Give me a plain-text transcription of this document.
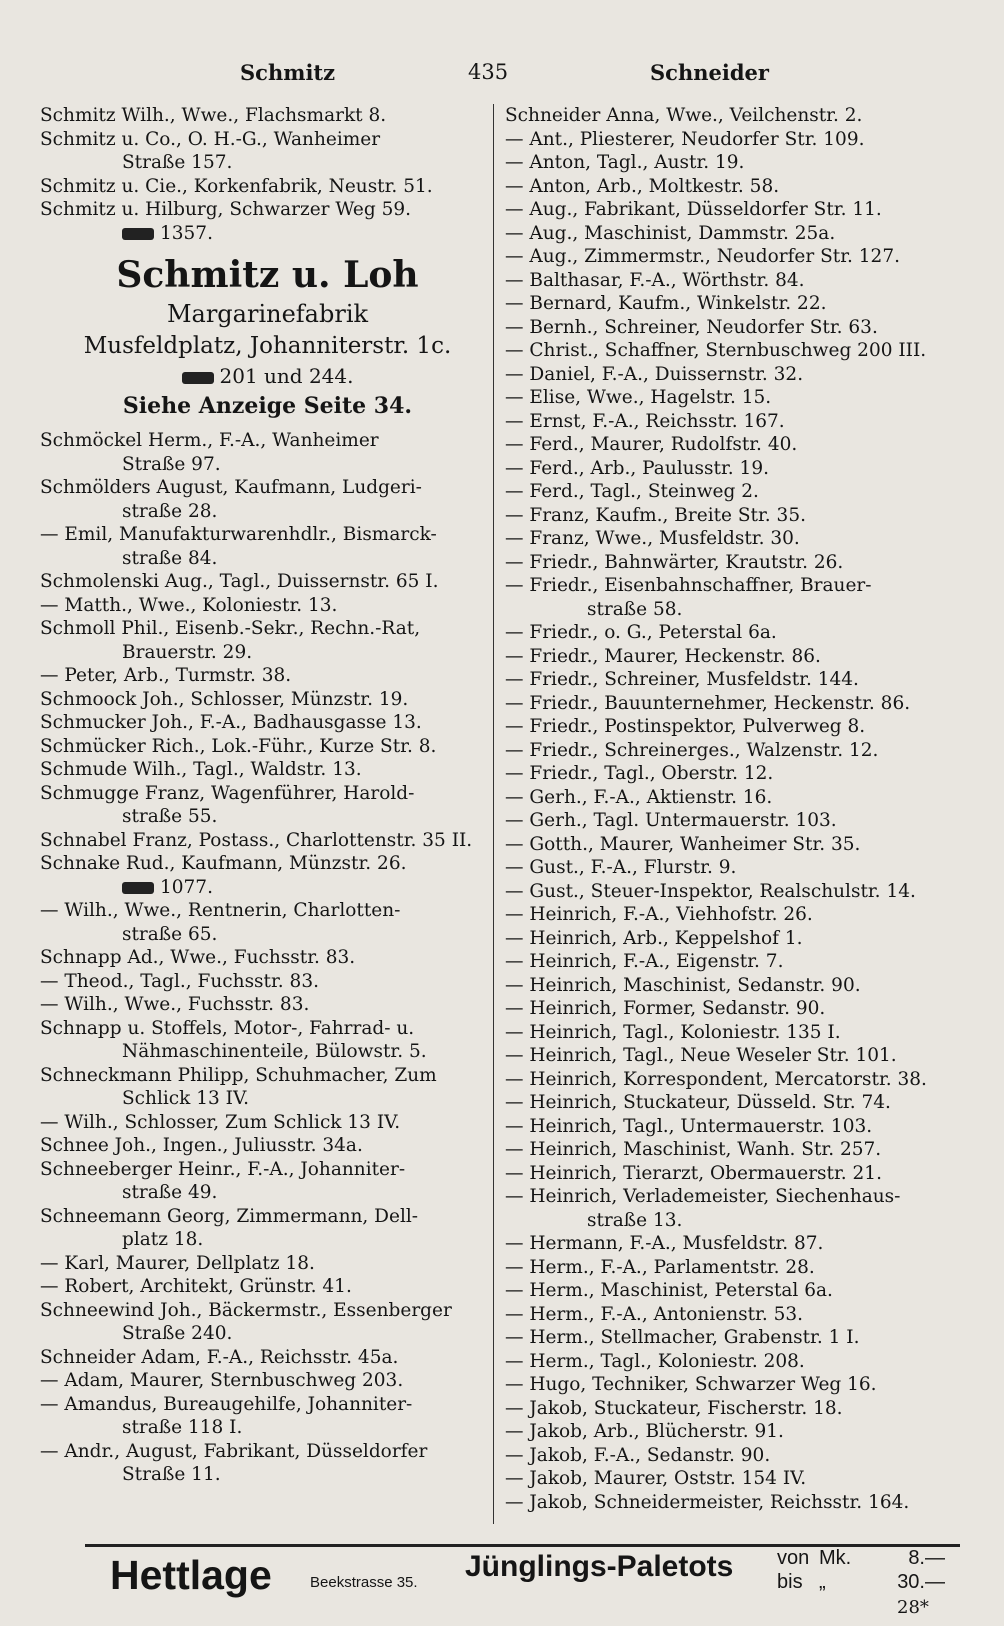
Schmitz	435	Schneider
Schmitz Wilh., Wwe., Flachsmarkt 8.
Schmitz u. Co., O. H.-G., Wanheimer
Straße 157.
Schmitz u. Cie., Korkenfabrik, Neustr. 51.
Schmitz u. Hilburg, Schwarzer Weg 59.
1357.
Schmitz u. Loh
Margarinefabrik
Musfeldplatz, Johanniterstr. 1c.
201 und 244.
Siehe Anzeige Seite 34.
Schmöckel Herm., F.-A., Wanheimer
Straße 97.
Schmölders August, Kaufmann, Ludgeri-
straße 28.
— Emil, Manufakturwarenhdlr., Bismarck-
straße 84.
Schmolenski Aug., Tagl., Duissernstr. 65 I.
— Matth., Wwe., Koloniestr. 13.
Schmoll Phil., Eisenb.-Sekr., Rechn.-Rat,
Brauerstr. 29.
— Peter, Arb., Turmstr. 38.
Schmoock Joh., Schlosser, Münzstr. 19.
Schmucker Joh., F.-A., Badhausgasse 13.
Schmücker Rich., Lok.-Führ., Kurze Str. 8.
Schmude Wilh., Tagl., Waldstr. 13.
Schmugge Franz, Wagenführer, Harold-
straße 55.
Schnabel Franz, Postass., Charlottenstr. 35 II.
Schnake Rud., Kaufmann, Münzstr. 26.
1077.
— Wilh., Wwe., Rentnerin, Charlotten-
straße 65.
Schnapp Ad., Wwe., Fuchsstr. 83.
— Theod., Tagl., Fuchsstr. 83.
— Wilh., Wwe., Fuchsstr. 83.
Schnapp u. Stoffels, Motor-, Fahrrad- u.
Nähmaschinenteile, Bülowstr. 5.
Schneckmann Philipp, Schuhmacher, Zum
Schlick 13 IV.
— Wilh., Schlosser, Zum Schlick 13 IV.
Schnee Joh., Ingen., Juliusstr. 34a.
Schneeberger Heinr., F.-A., Johanniter-
straße 49.
Schneemann Georg, Zimmermann, Dell-
platz 18.
— Karl, Maurer, Dellplatz 18.
— Robert, Architekt, Grünstr. 41.
Schneewind Joh., Bäckermstr., Essenberger
Straße 240.
Schneider Adam, F.-A., Reichsstr. 45a.
— Adam, Maurer, Sternbuschweg 203.
— Amandus, Bureaugehilfe, Johanniter-
straße 118 I.
— Andr., August, Fabrikant, Düsseldorfer
Straße 11.
Schneider Anna, Wwe., Veilchenstr. 2.
— Ant., Pliesterer, Neudorfer Str. 109.
— Anton, Tagl., Austr. 19.
— Anton, Arb., Moltkestr. 58.
— Aug., Fabrikant, Düsseldorfer Str. 11.
— Aug., Maschinist, Dammstr. 25a.
— Aug., Zimmermstr., Neudorfer Str. 127.
— Balthasar, F.-A., Wörthstr. 84.
— Bernard, Kaufm., Winkelstr. 22.
— Bernh., Schreiner, Neudorfer Str. 63.
— Christ., Schaffner, Sternbuschweg 200 III.
— Daniel, F.-A., Duissernstr. 32.
— Elise, Wwe., Hagelstr. 15.
— Ernst, F.-A., Reichsstr. 167.
— Ferd., Maurer, Rudolfstr. 40.
— Ferd., Arb., Paulusstr. 19.
— Ferd., Tagl., Steinweg 2.
— Franz, Kaufm., Breite Str. 35.
— Franz, Wwe., Musfeldstr. 30.
— Friedr., Bahnwärter, Krautstr. 26.
— Friedr., Eisenbahnschaffner, Brauer-
straße 58.
— Friedr., o. G., Peterstal 6a.
— Friedr., Maurer, Heckenstr. 86.
— Friedr., Schreiner, Musfeldstr. 144.
— Friedr., Bauunternehmer, Heckenstr. 86.
— Friedr., Postinspektor, Pulverweg 8.
— Friedr., Schreinerges., Walzenstr. 12.
— Friedr., Tagl., Oberstr. 12.
— Gerh., F.-A., Aktienstr. 16.
— Gerh., Tagl. Untermauerstr. 103.
— Gotth., Maurer, Wanheimer Str. 35.
— Gust., F.-A., Flurstr. 9.
— Gust., Steuer-Inspektor, Realschulstr. 14.
— Heinrich, F.-A., Viehhofstr. 26.
— Heinrich, Arb., Keppelshof 1.
— Heinrich, F.-A., Eigenstr. 7.
— Heinrich, Maschinist, Sedanstr. 90.
— Heinrich, Former, Sedanstr. 90.
— Heinrich, Tagl., Koloniestr. 135 I.
— Heinrich, Tagl., Neue Weseler Str. 101.
— Heinrich, Korrespondent, Mercatorstr. 38.
— Heinrich, Stuckateur, Düsseld. Str. 74.
— Heinrich, Tagl., Untermauerstr. 103.
— Heinrich, Maschinist, Wanh. Str. 257.
— Heinrich, Tierarzt, Obermauerstr. 21.
— Heinrich, Verlademeister, Siechenhaus-
straße 13.
— Hermann, F.-A., Musfeldstr. 87.
— Herm., F.-A., Parlamentstr. 28.
— Herm., Maschinist, Peterstal 6a.
— Herm., F.-A., Antonienstr. 53.
— Herm., Stellmacher, Grabenstr. 1 I.
— Herm., Tagl., Koloniestr. 208.
— Hugo, Techniker, Schwarzer Weg 16.
— Jakob, Stuckateur, Fischerstr. 18.
— Jakob, Arb., Blücherstr. 91.
— Jakob, F.-A., Sedanstr. 90.
— Jakob, Maurer, Oststr. 154 IV.
— Jakob, Schneidermeister, Reichsstr. 164.
Hettlage	Beekstrasse 35. Jünglings-Paletots von Mk.	8.—
bis „	30.—
28*
